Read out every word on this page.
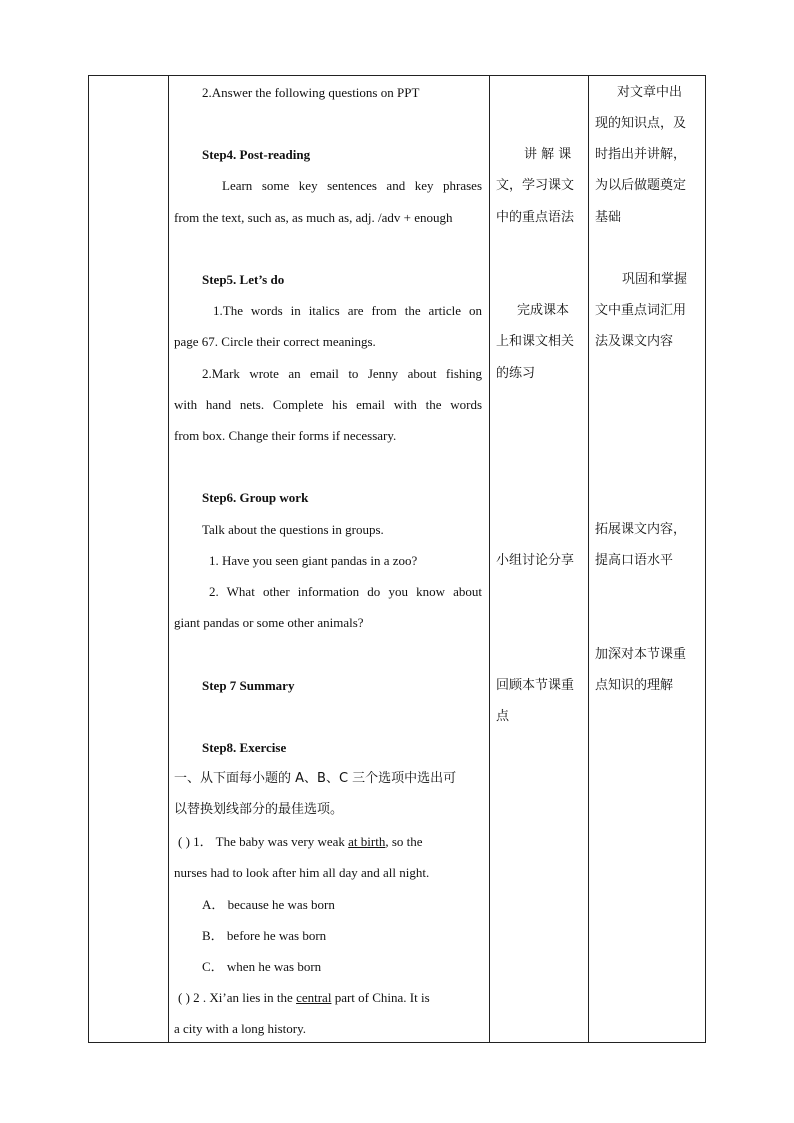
2.Answer the following questions on PPT
Step4. Post-reading
Learn some key sentences and key phrases
from the text, such as, as much as, adj. /adv + enough
Step5. Let’s do
1.The words in italics are from the article on
page 67. Circle their correct meanings.
2.Mark wrote an email to Jenny about fishing
with hand nets. Complete his email with the words
from box. Change their forms if necessary.
Step6. Group work
Talk about the questions in groups.
1. Have you seen giant pandas in a zoo?
2. What other information do you know about
giant pandas or some other animals?
Step 7 Summary
Step8. Exercise
一、从下面每小题的 A、B、C 三个选项中选出可
以替换划线部分的最佳选项。
( ) 1． The baby was very weak at birth, so the
nurses had to look after him all day and all night.
A． because he was born
B． before he was born
C． when he was born
( ) 2 . Xi’an lies in the central part of China. It is
a city with a long history.
讲 解 课
文，学习课文
中的重点语法
完成课本
上和课文相关
的练习
小组讨论分享
回顾本节课重
点
对文章中出
现的知识点，及
时指出并讲解，
为以后做题奠定
基础
巩固和掌握
文中重点词汇用
法及课文内容
拓展课文内容，
提高口语水平
加深对本节课重
点知识的理解
